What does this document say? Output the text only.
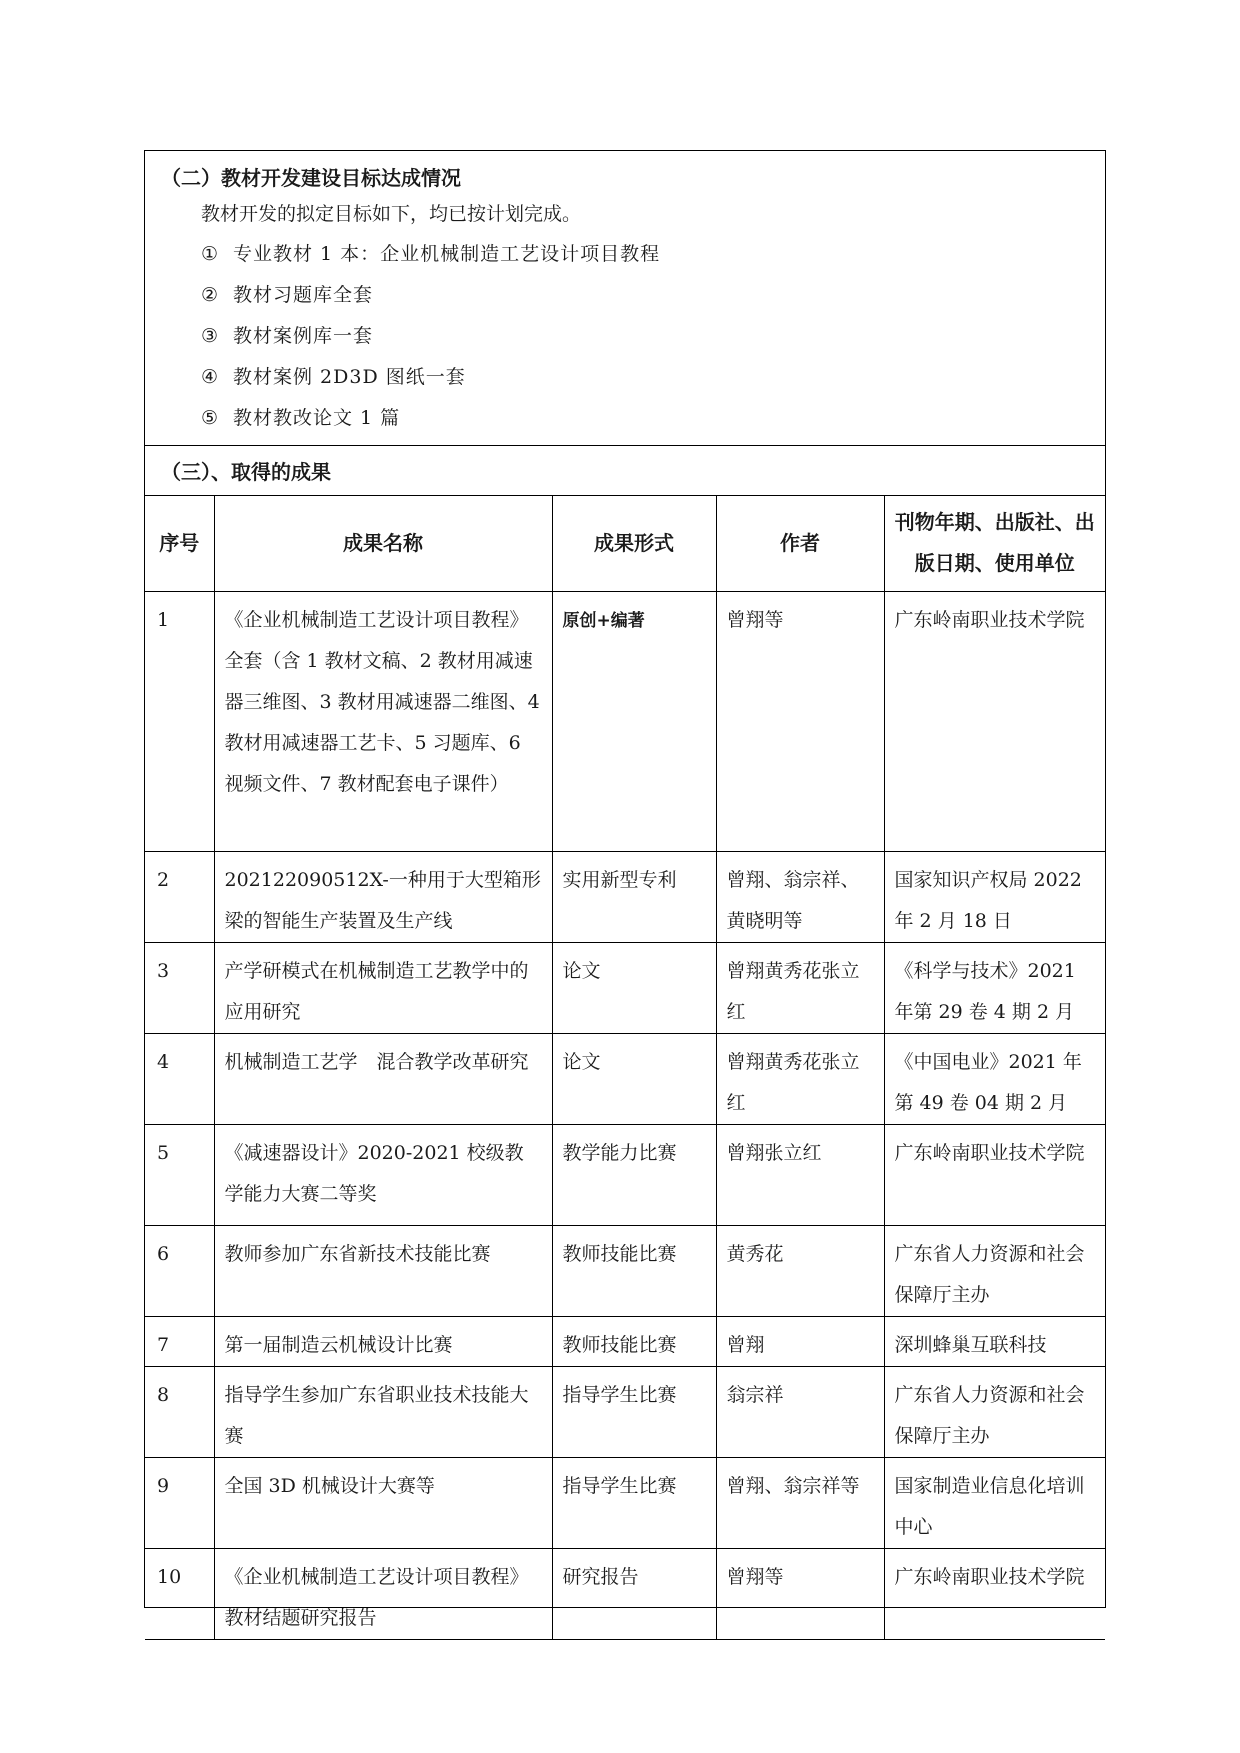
（二）教材开发建设目标达成情况
教材开发的拟定目标如下，均已按计划完成。
① 专业教材 1 本：企业机械制造工艺设计项目教程
② 教材习题库全套
③ 教材案例库一套
④ 教材案例 2D3D 图纸一套
⑤ 教材教改论文 1 篇
（三）、取得的成果
序号	成果名称	成果形式	作者	刊物年期、出版社、出版日期、使用单位
1	《企业机械制造工艺设计项目教程》全套（含 1 教材文稿、2 教材用减速器三维图、3 教材用减速器二维图、4 教材用减速器工艺卡、5 习题库、6 视频文件、7 教材配套电子课件）	原创+编著	曾翔等	广东岭南职业技术学院
2	202122090512X-一种用于大型箱形梁的智能生产装置及生产线	实用新型专利	曾翔、翁宗祥、黄晓明等	国家知识产权局 2022 年 2 月 18 日
3	产学研模式在机械制造工艺教学中的应用研究	论文	曾翔黄秀花张立红	《科学与技术》2021 年第 29 卷 4 期 2 月
4	机械制造工艺学　混合教学改革研究	论文	曾翔黄秀花张立红	《中国电业》2021 年第 49 卷 04 期 2 月
5	《减速器设计》2020-2021 校级教学能力大赛二等奖	教学能力比赛	曾翔张立红	广东岭南职业技术学院
6	教师参加广东省新技术技能比赛	教师技能比赛	黄秀花	广东省人力资源和社会保障厅主办
7	第一届制造云机械设计比赛	教师技能比赛	曾翔	深圳蜂巢互联科技
8	指导学生参加广东省职业技术技能大赛	指导学生比赛	翁宗祥	广东省人力资源和社会保障厅主办
9	全国 3D 机械设计大赛等	指导学生比赛	曾翔、翁宗祥等	国家制造业信息化培训中心
10	《企业机械制造工艺设计项目教程》教材结题研究报告	研究报告	曾翔等	广东岭南职业技术学院
